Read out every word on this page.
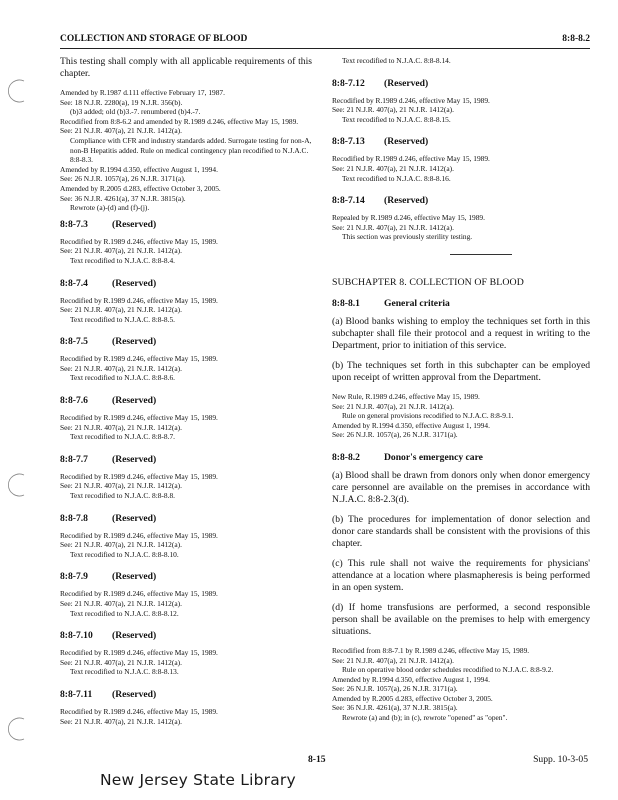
COLLECTION AND STORAGE OF BLOOD	8:8-8.2

This testing shall comply with all applicable requirements of this chapter.

Amended by R.1987 d.111 effective February 17, 1987.
See: 18 N.J.R. 2280(a), 19 N.J.R. 356(b).
(b)3 added; old (b)3.-7. renumbered (b)4.-7.
Recodified from 8:8-6.2 and amended by R.1989 d.246, effective May 15, 1989.
See: 21 N.J.R. 407(a), 21 N.J.R. 1412(a).
Compliance with CFR and industry standards added. Surrogate testing for non-A, non-B Hepatitis added. Rule on medical contingency plan recodified to N.J.A.C. 8:8-8.3.
Amended by R.1994 d.350, effective August 1, 1994.
See: 26 N.J.R. 1057(a), 26 N.J.R. 3171(a).
Amended by R.2005 d.283, effective October 3, 2005.
See: 36 N.J.R. 4261(a), 37 N.J.R. 3815(a).
Rewrote (a)-(d) and (f)-(j).
8:8-7.3	(Reserved)
Recodified by R.1989 d.246, effective May 15, 1989.
See: 21 N.J.R. 407(a), 21 N.J.R. 1412(a).
Text recodified to N.J.A.C. 8:8-8.4.
8:8-7.4	(Reserved)
Recodified by R.1989 d.246, effective May 15, 1989.
See: 21 N.J.R. 407(a), 21 N.J.R. 1412(a).
Text recodified to N.J.A.C. 8:8-8.5.
8:8-7.5	(Reserved)
Recodified by R.1989 d.246, effective May 15, 1989.
See: 21 N.J.R. 407(a), 21 N.J.R. 1412(a).
Text recodified to N.J.A.C. 8:8-8.6.
8:8-7.6	(Reserved)
Recodified by R.1989 d.246, effective May 15, 1989.
See: 21 N.J.R. 407(a), 21 N.J.R. 1412(a).
Text recodified to N.J.A.C. 8:8-8.7.
8:8-7.7	(Reserved)
Recodified by R.1989 d.246, effective May 15, 1989.
See: 21 N.J.R. 407(a), 21 N.J.R. 1412(a).
Text recodified to N.J.A.C. 8:8-8.8.
8:8-7.8	(Reserved)
Recodified by R.1989 d.246, effective May 15, 1989.
See: 21 N.J.R. 407(a), 21 N.J.R. 1412(a).
Text recodified to N.J.A.C. 8:8-8.10.
8:8-7.9	(Reserved)
Recodified by R.1989 d.246, effective May 15, 1989.
See: 21 N.J.R. 407(a), 21 N.J.R. 1412(a).
Text recodified to N.J.A.C. 8:8-8.12.
8:8-7.10 (Reserved)
Recodified by R.1989 d.246, effective May 15, 1989.
See: 21 N.J.R. 407(a), 21 N.J.R. 1412(a).
Text recodified to N.J.A.C. 8:8-8.13.
8:8-7.11 (Reserved)
Recodified by R.1989 d.246, effective May 15, 1989.
See: 21 N.J.R. 407(a), 21 N.J.R. 1412(a).
Text recodified to N.J.A.C. 8:8-8.14.
8:8-7.12 (Reserved)
Recodified by R.1989 d.246, effective May 15, 1989.
See: 21 N.J.R. 407(a), 21 N.J.R. 1412(a).
Text recodified to N.J.A.C. 8:8-8.15.
8:8-7.13 (Reserved)
Recodified by R.1989 d.246, effective May 15, 1989.
See: 21 N.J.R. 407(a), 21 N.J.R. 1412(a).
Text recodified to N.J.A.C. 8:8-8.16.
8:8-7.14 (Reserved)
Repealed by R.1989 d.246, effective May 15, 1989.
See: 21 N.J.R. 407(a), 21 N.J.R. 1412(a).
This section was previously sterility testing.
SUBCHAPTER 8. COLLECTION OF BLOOD
8:8-8.1	General criteria

(a) Blood banks wishing to employ the techniques set forth in this subchapter shall file their protocol and a request in writing to the Department, prior to initiation of this service.

(b) The techniques set forth in this subchapter can be employed upon receipt of written approval from the Department.

New Rule, R.1989 d.246, effective May 15, 1989.
See: 21 N.J.R. 407(a), 21 N.J.R. 1412(a).
Rule on general provisions recodified to N.J.A.C. 8:8-9.1.
Amended by R.1994 d.350, effective August 1, 1994.
See: 26 N.J.R. 1057(a), 26 N.J.R. 3171(a).
8:8-8.2	Donor's emergency care

(a) Blood shall be drawn from donors only when donor emergency care personnel are available on the premises in accordance with N.J.A.C. 8:8-2.3(d).

(b) The procedures for implementation of donor selection and donor care standards shall be consistent with the provisions of this chapter.

(c) This rule shall not waive the requirements for physicians' attendance at a location where plasmapheresis is being performed in an open system.

(d) If home transfusions are performed, a second responsible person shall be available on the premises to help with emergency situations.

Recodified from 8:8-7.1 by R.1989 d.246, effective May 15, 1989.
See: 21 N.J.R. 407(a), 21 N.J.R. 1412(a).
Rule on operative blood order schedules recodified to N.J.A.C. 8:8-9.2.
Amended by R.1994 d.350, effective August 1, 1994.
See: 26 N.J.R. 1057(a), 26 N.J.R. 3171(a).
Amended by R.2005 d.283, effective October 3, 2005.
See: 36 N.J.R. 4261(a), 37 N.J.R. 3815(a).
Rewrote (a) and (b); in (c), rewrote "opened" as "open".
8-15	Supp. 10-3-05
New Jersey State Library
